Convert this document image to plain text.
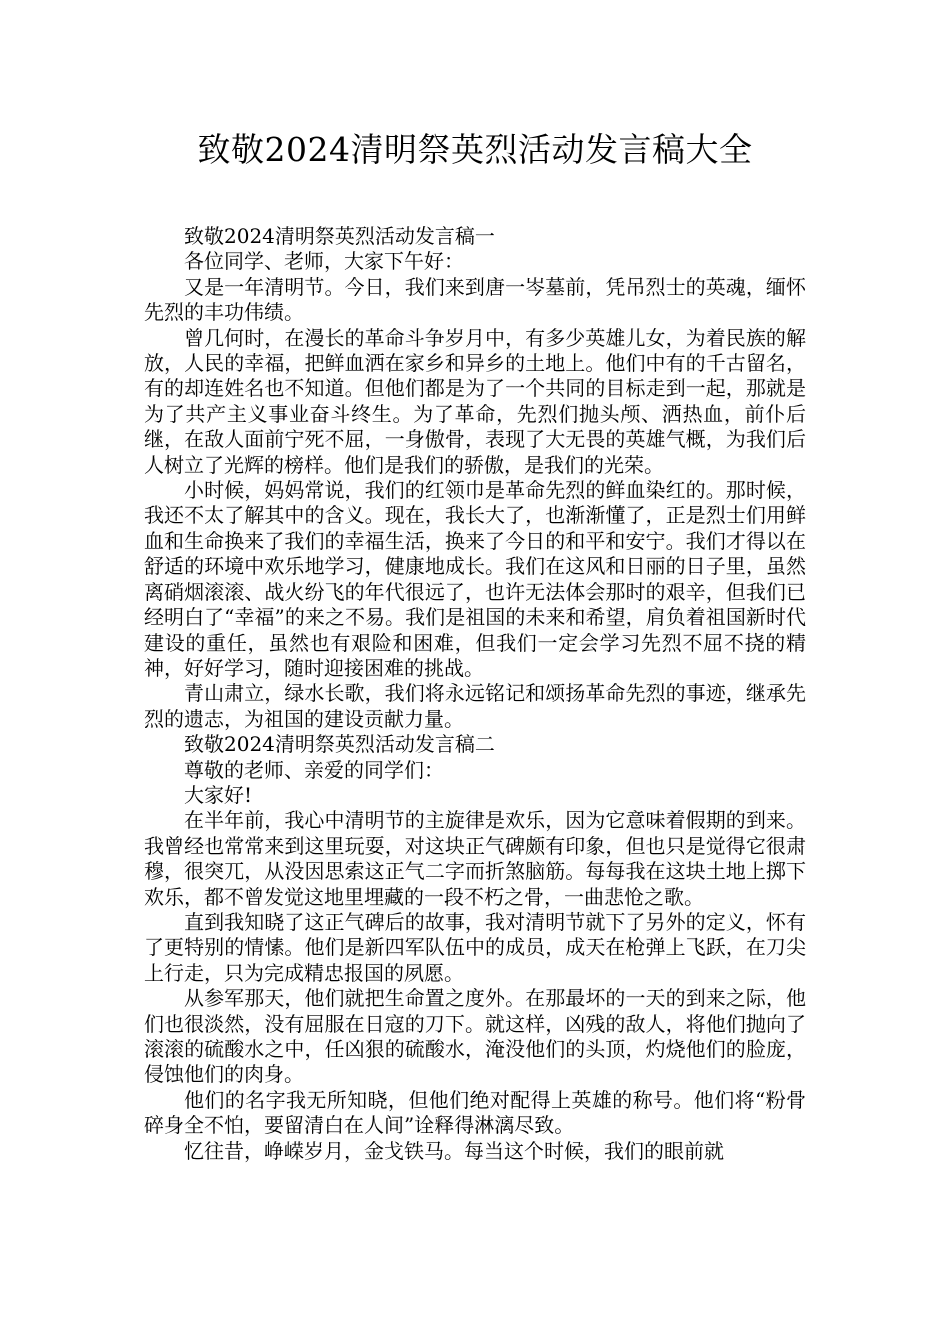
致敬2024清明祭英烈活动发言稿大全

致敬2024清明祭英烈活动发言稿一

各位同学、老师，大家下午好：

又是一年清明节。今日，我们来到唐一岑墓前，凭吊烈士的英魂，缅怀先烈的丰功伟绩。

曾几何时，在漫长的革命斗争岁月中，有多少英雄儿女，为着民族的解放，人民的幸福，把鲜血洒在家乡和异乡的土地上。他们中有的千古留名，有的却连姓名也不知道。但他们都是为了一个共同的目标走到一起，那就是为了共产主义事业奋斗终生。为了革命，先烈们抛头颅、洒热血，前仆后继，在敌人面前宁死不屈，一身傲骨，表现了大无畏的英雄气概，为我们后人树立了光辉的榜样。他们是我们的骄傲，是我们的光荣。

小时候，妈妈常说，我们的红领巾是革命先烈的鲜血染红的。那时候，我还不太了解其中的含义。现在，我长大了，也渐渐懂了，正是烈士们用鲜血和生命换来了我们的幸福生活，换来了今日的和平和安宁。我们才得以在舒适的环境中欢乐地学习，健康地成长。我们在这风和日丽的日子里，虽然离硝烟滚滚、战火纷飞的年代很远了，也许无法体会那时的艰辛，但我们已经明白了“幸福”的来之不易。我们是祖国的未来和希望，肩负着祖国新时代建设的重任，虽然也有艰险和困难，但我们一定会学习先烈不屈不挠的精神，好好学习，随时迎接困难的挑战。

青山肃立，绿水长歌，我们将永远铭记和颂扬革命先烈的事迹，继承先烈的遗志，为祖国的建设贡献力量。

致敬2024清明祭英烈活动发言稿二

尊敬的老师、亲爱的同学们：

大家好!

在半年前，我心中清明节的主旋律是欢乐，因为它意味着假期的到来。我曾经也常常来到这里玩耍，对这块正气碑颇有印象，但也只是觉得它很肃穆，很突兀，从没因思索这正气二字而折煞脑筋。每每我在这块土地上掷下欢乐，都不曾发觉这地里埋藏的一段不朽之骨，一曲悲怆之歌。

直到我知晓了这正气碑后的故事，我对清明节就下了另外的定义，怀有了更特别的情愫。他们是新四军队伍中的成员，成天在枪弹上飞跃，在刀尖上行走，只为完成精忠报国的夙愿。

从参军那天，他们就把生命置之度外。在那最坏的一天的到来之际，他们也很淡然，没有屈服在日寇的刀下。就这样，凶残的敌人，将他们抛向了滚滚的硫酸水之中，任凶狠的硫酸水，淹没他们的头顶，灼烧他们的脸庞，侵蚀他们的肉身。

他们的名字我无所知晓，但他们绝对配得上英雄的称号。他们将“粉骨碎身全不怕，要留清白在人间”诠释得淋漓尽致。

忆往昔，峥嵘岁月，金戈铁马。每当这个时候，我们的眼前就
